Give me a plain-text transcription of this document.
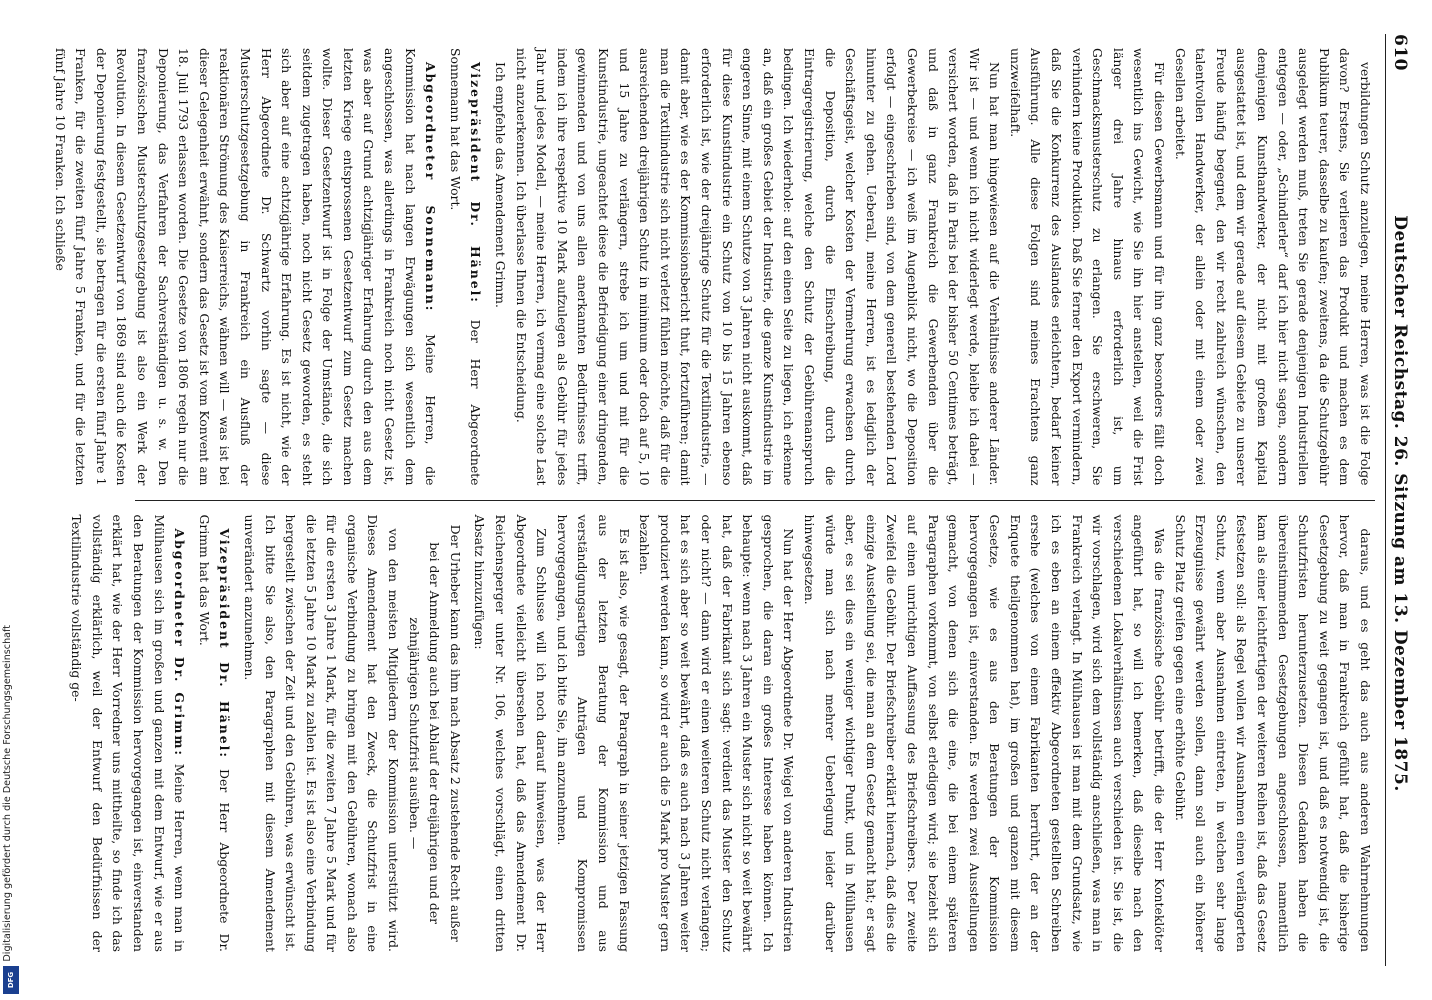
610
Deutscher Reichstag. 26. Sitzung am 13. Dezember 1875.

verbildungen Schutz anzulegen, meine Herren, was ist die Folge davon? Erstens, Sie verlieren das Produkt und machen es dem Publikum teurer, dasselbe zu kaufen; zweitens, da die Schutzgebühr ausgelegt werden muß, treten Sie gerade denjenigen Industriellen entgegen — oder, „Schindlerler“ darf ich hier nicht sagen, sondern demjenigen Kunsthandwerker, der nicht mit großem Kapital ausgestattet ist, und dem wir gerade auf diesem Gebiete zu unserer Freude häufig begegnet, den wir recht zahlreich wünschen, den talentvollen Handwerker, der allein oder mit einem oder zwei Gesellen arbeitet.

Für diesen Gewerbsmann und für ihn ganz besonders fällt doch wesentlich ins Gewicht, wie Sie ihn hier anstellen, weil die Frist länger drei Jahre hinaus erforderlich ist, um Geschmacksmusterschutz zu erlangen. Sie erschweren, Sie verhindern keine Produktion. Daß Sie ferner den Export vermindern, daß Sie die Konkurrenz des Auslandes erleichtern, bedarf keiner Ausführung. Alle diese Folgen sind meines Erachtens ganz unzweifelhaft.

Nun hat man hingewiesen auf die Verhältnisse anderer Länder. Wir ist — und wenn ich nicht widerlegt werde, bleibe ich dabei — versichert worden, daß in Paris bei der bisher 50 Centimes beträgt, und daß in ganz Frankreich die Gewerbenden über die Gewerbekreise — ich weiß im Augenblick nicht, wo die Deposition erfolgt — eingeschrieben sind, von dem generell bestehenden Lord hinunter zu gehen. Ueberall, meine Herren, ist es lediglich der Geschäftsgeist, welcher Kosten der Vermehrung erwachsen durch die Deposition, durch die Einschreibung, durch die Eintragregistrierung, welche den Schutz der Gebührenanspruch bedingen. Ich wiederhole: auf den einen Seite zu liegen, ich erkenne an, daß ein großes Gebiet der Industrie, die ganze Kunstindustrie im engeren Sinne, mit einem Schutze von 3 Jahren nicht auskommt, daß für diese Kunstindustrie ein Schutz von 10 bis 15 Jahren ebenso erforderlich ist, wie der dreijährige Schutz für die Textilindustrie, — damit aber, wie es der Kommissionsbericht thut, fortzuführen; damit man die Textilindustrie sich nicht verletzt fühlen möchte, daß für die ausreichenden dreijährigen Schutz in minimum oder doch auf 5, 10 und 15 Jahre zu verlängern, strebe ich um und mit für die Kunstindustrie, ungeachtet diese die Befriedigung einer dringenden, gewinnenden und von uns allen anerkannten Bedürfnisses trifft, indem ich ihre respektive 10 Mark aufzulegen als Gebühr für jedes Jahr und jedes Modell, — meine Herren, ich vermag eine solche Last nicht anzuerkennen. Ich überlasse Ihnen die Entscheidung.

Ich empfehle das Amendement Grimm.

Vizepräsident Dr. Hänel: Der Herr Abgeordnete Sonnemann hat das Wort.

Abgeordneter Sonnemann: Meine Herren, die Kommission hat nach langen Erwägungen sich wesentlich dem angeschlossen, was allerdings in Frankreich noch nicht Gesetz ist, was aber auf Grund achtzigjähriger Erfahrung durch den aus dem letzten Kriege entsprossenen Gesetzentwurf zum Gesetz machen wollte. Dieser Gesetzentwurf ist in Folge der Umstände, die sich seitdem zugetragen haben, noch nicht Gesetz geworden, es steht sich aber auf eine achtzigjährige Erfahrung. Es ist nicht, wie der Herr Abgeordnete Dr. Schwartz vorhin sagte — diese Musterschutzgesetzgebung in Frankreich ein Ausfluß der reaktionären Strömung des Kaiserreichs, wähnen will — was ist bei dieser Gelegenheit erwähnt, sondern das Gesetz ist vom Konvent am 18. Juli 1793 erlassen worden. Die Gesetze von 1806 regeln nur die Deponierung, das Verfahren der Sachverständigen u. s. w. Den französischen Musterschutzgesetzgebung ist also ein Werk der Revolution. In diesem Gesetzentwurf von 1869 sind auch die Kosten der Deponierung festgestellt, sie betragen für die ersten fünf Jahre 1 Franken, für die zweiten fünf Jahre 5 Franken, und für die letzten fünf Jahre 10 Franken. Ich schließe

daraus, und es geht das auch aus anderen Wahrnehmungen hervor, daß man in Frankreich gefühlt hat, daß die bisherige Gesetzgebung zu weit gegangen ist, und daß es notwendig ist, die Schutzfristen herunterzusetzen. Diesen Gedanken haben die übereinstimmenden Gesetzgebungen angeschlossen, namentlich kam als einer leichtfertigen der weiteren Reihen ist, daß das Gesetz festsetzen soll: als Regel wollen wir Ausnahmen einen verlängerten Schutz, wenn aber Ausnahmen eintreten, in welchen sehr lange Erzeugnisse gewährt werden sollen, dann soll auch ein höherer Schutz Platz greifen gegen eine erhöhte Gebühr.

Was die französische Gebühr betrifft, die der Herr Konteklöter angeführt hat, so will ich bemerken, daß dieselbe nach den verschiedenen Lokalverhältnissen auch verschieden ist. Sie ist, die wir vorschlagen, wird sich dem vollständig anschließen, was man in Frankreich verlangt. In Mülhausen ist man mit dem Grundsatz, wie ich es eben an einem effektiv Abgeordneten gestellten Schreiben ersehe (welches von einem Fabrikanten herrührt, der an der Enquete theilgenommen hat), im großen und ganzen mit diesem Gesetze, wie es aus den Beratungen der Kommission hervorgegangen ist, einverstanden. Es werden zwei Ausstellungen gemacht, von denen sich die eine, die bei einem späteren Paragraphen vorkommt, von selbst erledigen wird; sie bezieht sich auf einen unrichtigen Auffassung des Briefschreibers. Der zweite Zweifel die Gebühr. Der Briefschreiber erklärt hiernach, daß dies die einzige Ausstellung sei, die man an dem Gesetz gemacht hat; er sagt aber, es sei dies ein weniger wichtiger Punkt, und in Mülhausen würde man sich nach mehrer Ueberlegung leider darüber hinwegsetzen.

Nun hat der Herr Abgeordnete Dr. Weigel von anderen Industrien gesprochen, die daran ein großes Interesse haben können. Ich behaupte: wenn nach 3 Jahren ein Muster sich nicht so weit bewährt hat, daß der Fabrikant sich sagt: verdient das Muster den Schutz oder nicht? — dann wird er einen weiteren Schutz nicht verlangen; hat es sich aber so weit bewährt, daß es auch nach 3 Jahren weiter produziert werden kann, so wird er auch die 5 Mark pro Muster gern bezahlen.

Es ist also, wie gesagt, der Paragraph in seiner jetzigen Fassung aus der letzten Beratung der Kommission und aus verständigungsartigen Anträgen und Kompromissen hervorgegangen, und ich bitte Sie, ihn anzunehmen.

Zum Schlusse will ich noch darauf hinweisen, was der Herr Abgeordnete vielleicht übersehen hat, daß das Amendement Dr. Reichensperger unter Nr. 106, welches vorschlägt, einen dritten Absatz hinzuzufügen:

Der Urheber kann das ihm nach Absatz 2 zustehende Recht außer bei der Anmeldung auch bei Ablauf der dreijährigen und der zehnjährigen Schutzfrist ausüben. —

von den meisten Mitgliedern der Kommission unterstützt wird. Dieses Amendement hat den Zweck, die Schutzfrist in eine organische Verbindung zu bringen mit den Gebühren, wonach also für die ersten 3 Jahre 1 Mark, für die zweiten 7 Jahre 5 Mark und für die letzten 5 Jahre 10 Mark zu zahlen ist. Es ist also eine Verbindung hergestellt zwischen der Zeit und den Gebühren, was erwünscht ist. Ich bitte Sie also, den Paragraphen mit diesem Amendement unverändert anzunehmen.

Vizepräsident Dr. Hänel: Der Herr Abgeordnete Dr. Grimm hat das Wort.

Abgeordneter Dr. Grimm: Meine Herren, wenn man in Mülhausen sich im großen und ganzen mit dem Entwurf, wie er aus den Beratungen der Kommission hervorgegangen ist, einverstanden erklärt hat, wie der Herr Vorredner uns mittheilte, so finde ich das vollständig erklärlich, weil der Entwurf den Bedürfnissen der Textilindustrie vollständig ge-

Digitalisierung gefördert durch die Deutsche Forschungsgemeinschaft
DFG
